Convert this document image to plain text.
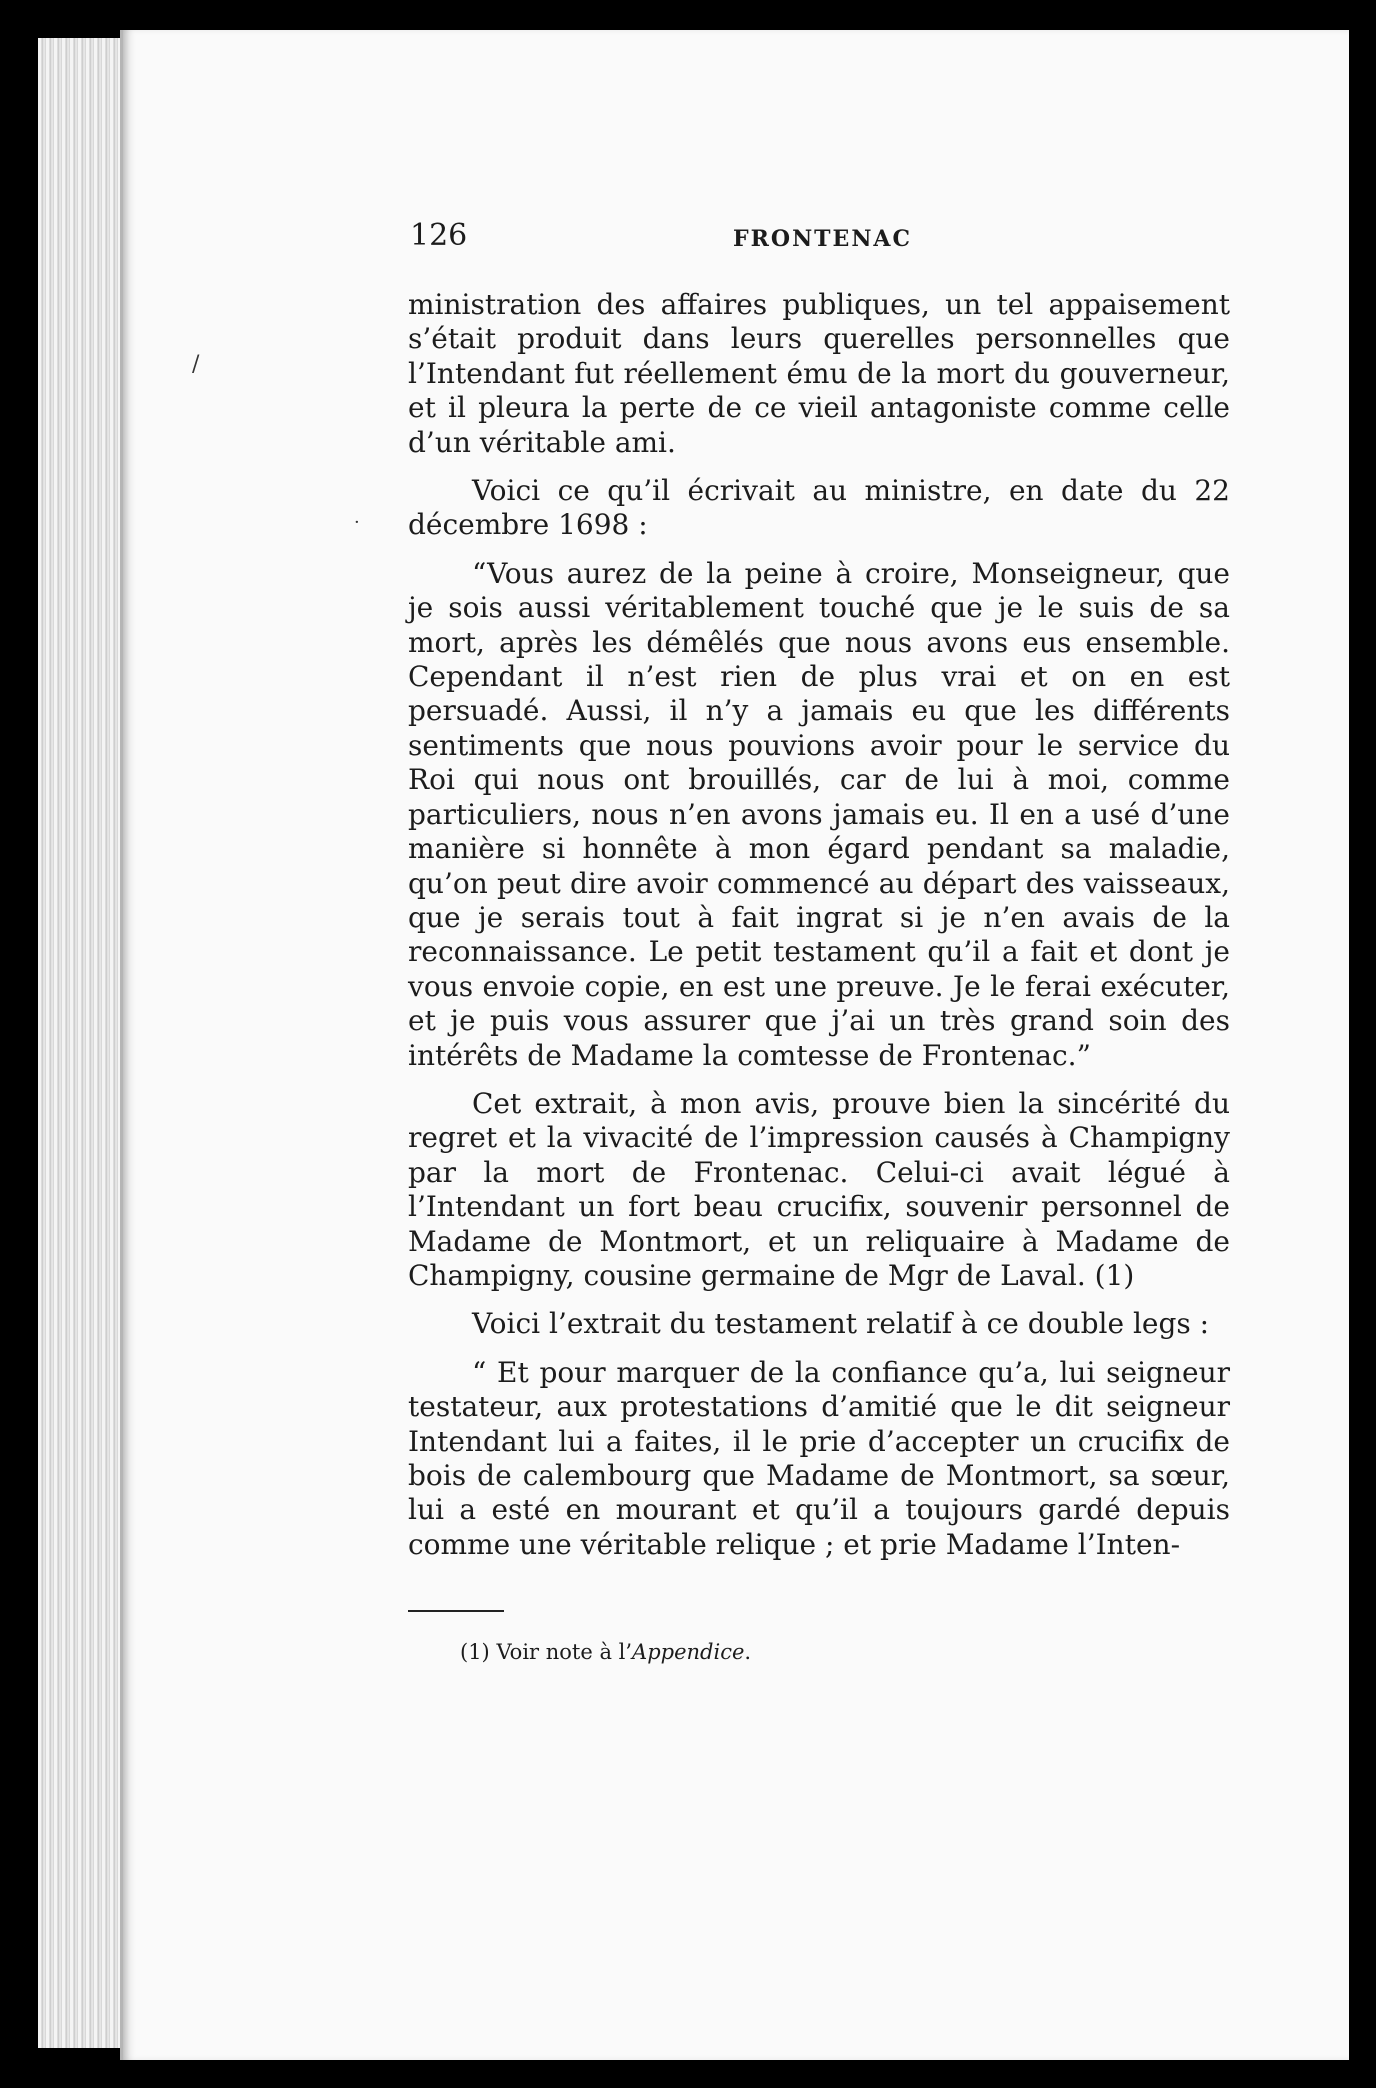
/
·
126	FRONTENAC

ministration des affaires publiques, un tel appaisement s’était produit dans leurs querelles personnelles que l’Intendant fut réellement ému de la mort du gouverneur, et il pleura la perte de ce vieil antagoniste comme celle d’un véritable ami.

Voici ce qu’il écrivait au ministre, en date du 22 décembre 1698 :

“Vous aurez de la peine à croire, Monseigneur, que je sois aussi véritablement touché que je le suis de sa mort, après les démêlés que nous avons eus ensemble. Cependant il n’est rien de plus vrai et on en est persuadé. Aussi, il n’y a jamais eu que les différents sentiments que nous pouvions avoir pour le service du Roi qui nous ont brouillés, car de lui à moi, comme particuliers, nous n’en avons jamais eu. Il en a usé d’une manière si honnête à mon égard pendant sa maladie, qu’on peut dire avoir commencé au départ des vaisseaux, que je serais tout à fait ingrat si je n’en avais de la reconnaissance. Le petit testament qu’il a fait et dont je vous envoie copie, en est une preuve. Je le ferai exécuter, et je puis vous assurer que j’ai un très grand soin des intérêts de Madame la comtesse de Frontenac.”

Cet extrait, à mon avis, prouve bien la sincérité du regret et la vivacité de l’impression causés à Champigny par la mort de Frontenac. Celui-ci avait légué à l’Intendant un fort beau crucifix, souvenir personnel de Madame de Montmort, et un reliquaire à Madame de Champigny, cousine germaine de Mgr de Laval. (1)

Voici l’extrait du testament relatif à ce double legs :

“ Et pour marquer de la confiance qu’a, lui seigneur testateur, aux protestations d’amitié que le dit seigneur Intendant lui a faites, il le prie d’accepter un crucifix de bois de calembourg que Madame de Montmort, sa sœur, lui a esté en mourant et qu’il a toujours gardé depuis comme une véritable relique ; et prie Madame l’Inten-

(1) Voir note à l’Appendice.
